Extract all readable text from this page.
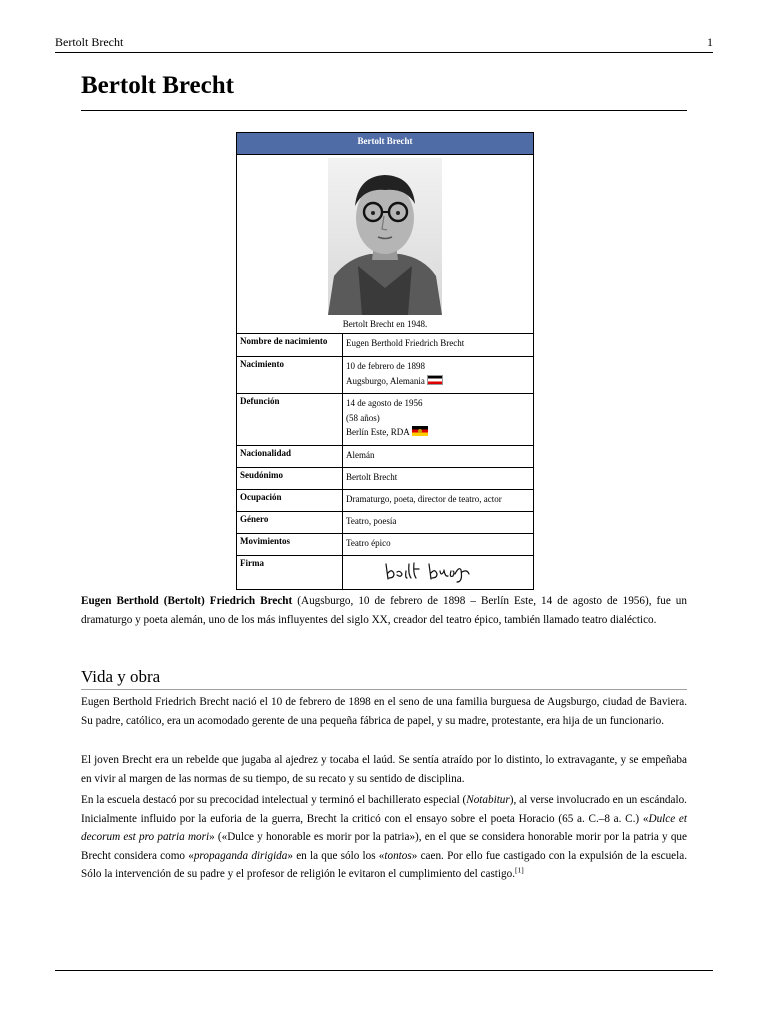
Bertolt Brecht	1
Bertolt Brecht
Bertolt Brecht
Bertolt Brecht en 1948.
Nombre de nacimiento	Eugen Berthold Friedrich Brecht
Nacimiento	10 de febrero de 1898
Augsburgo, Alemania
Defunción	14 de agosto de 1956
(58 años)
Berlín Este, RDA
Nacionalidad	Alemán
Seudónimo	Bertolt Brecht
Ocupación	Dramaturgo, poeta, director de teatro, actor
Género	Teatro, poesía
Movimientos	Teatro épico
Firma

Eugen Berthold (Bertolt) Friedrich Brecht (Augsburgo, 10 de febrero de 1898 – Berlín Este, 14 de agosto de 1956), fue un dramaturgo y poeta alemán, uno de los más influyentes del siglo XX, creador del teatro épico, también llamado teatro dialéctico.

Vida y obra

Eugen Berthold Friedrich Brecht nació el 10 de febrero de 1898 en el seno de una familia burguesa de Augsburgo, ciudad de Baviera. Su padre, católico, era un acomodado gerente de una pequeña fábrica de papel, y su madre, protestante, era hija de un funcionario.

El joven Brecht era un rebelde que jugaba al ajedrez y tocaba el laúd. Se sentía atraído por lo distinto, lo extravagante, y se empeñaba en vivir al margen de las normas de su tiempo, de su recato y su sentido de disciplina.

En la escuela destacó por su precocidad intelectual y terminó el bachillerato especial (Notabitur), al verse involucrado en un escándalo. Inicialmente influido por la euforia de la guerra, Brecht la criticó con el ensayo sobre el poeta Horacio (65 a. C.–8 a. C.) «Dulce et decorum est pro patria mori» («Dulce y honorable es morir por la patria»), en el que se considera honorable morir por la patria y que Brecht considera como «propaganda dirigida» en la que sólo los «tontos» caen. Por ello fue castigado con la expulsión de la escuela. Sólo la intervención de su padre y el profesor de religión le evitaron el cumplimiento del castigo.[1]
